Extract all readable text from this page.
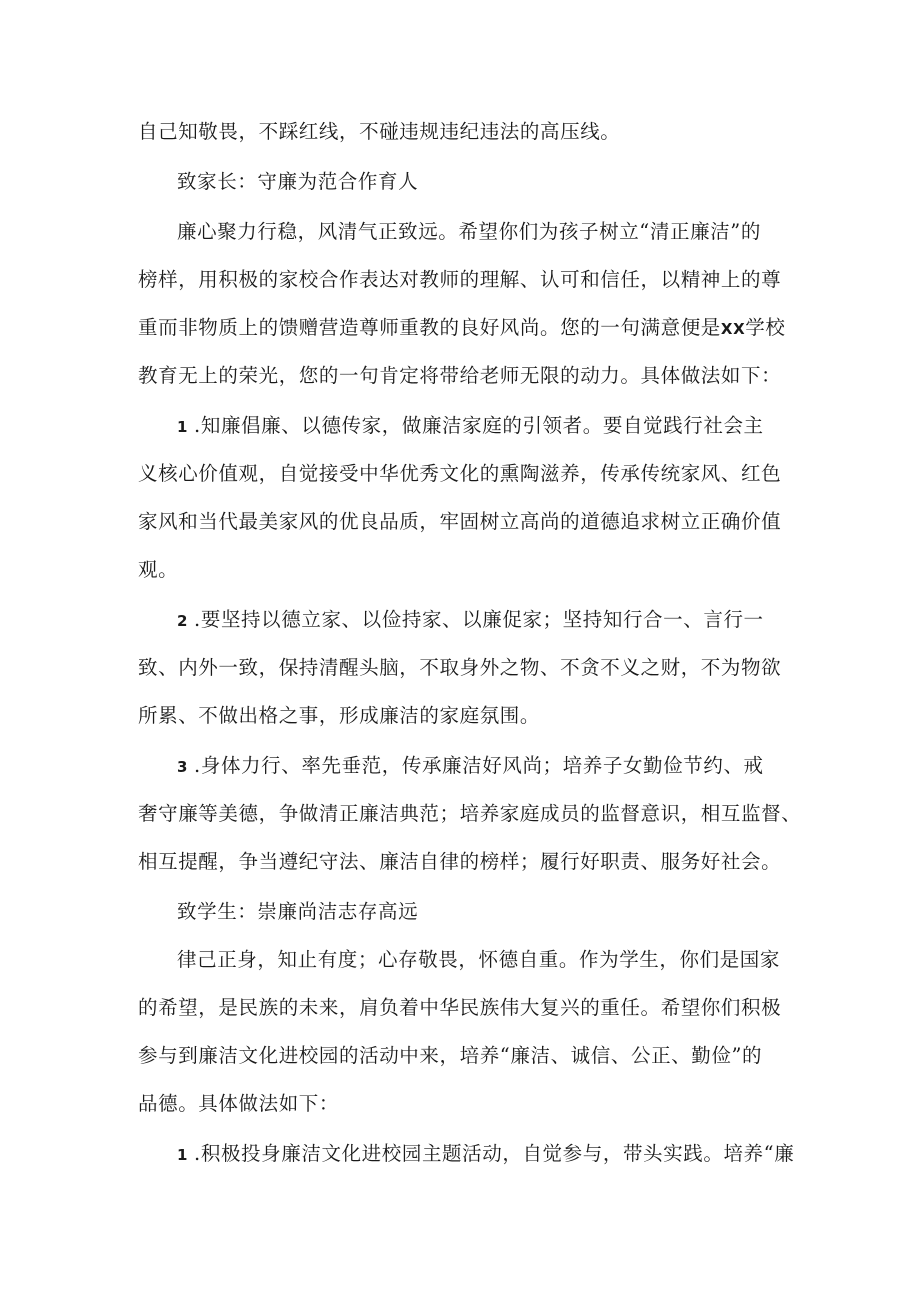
自己知敬畏，不踩红线，不碰违规违纪违法的高压线。
致家长：守廉为范合作育人
廉心聚力行稳，风清气正致远。希望你们为孩子树立“清正廉洁”的
榜样，用积极的家校合作表达对教师的理解、认可和信任，以精神上的尊
重而非物质上的馈赠营造尊师重教的良好风尚。您的一句满意便是XX学校
教育无上的荣光，您的一句肯定将带给老师无限的动力。具体做法如下：
1 .知廉倡廉、以德传家，做廉洁家庭的引领者。要自觉践行社会主
义核心价值观，自觉接受中华优秀文化的熏陶滋养，传承传统家风、红色
家风和当代最美家风的优良品质，牢固树立高尚的道德追求树立正确价值
观。
2 .要坚持以德立家、以俭持家、以廉促家；坚持知行合一、言行一
致、内外一致，保持清醒头脑，不取身外之物、不贪不义之财，不为物欲
所累、不做出格之事，形成廉洁的家庭氛围。
3 .身体力行、率先垂范，传承廉洁好风尚；培养子女勤俭节约、戒
奢守廉等美德，争做清正廉洁典范；培养家庭成员的监督意识，相互监督、
相互提醒，争当遵纪守法、廉洁自律的榜样；履行好职责、服务好社会。
致学生：崇廉尚洁志存高远
律己正身，知止有度；心存敬畏，怀德自重。作为学生，你们是国家
的希望，是民族的未来，肩负着中华民族伟大复兴的重任。希望你们积极
参与到廉洁文化进校园的活动中来，培养“廉洁、诚信、公正、勤俭”的
品德。具体做法如下：
1 .积极投身廉洁文化进校园主题活动，自觉参与，带头实践。培养“廉
